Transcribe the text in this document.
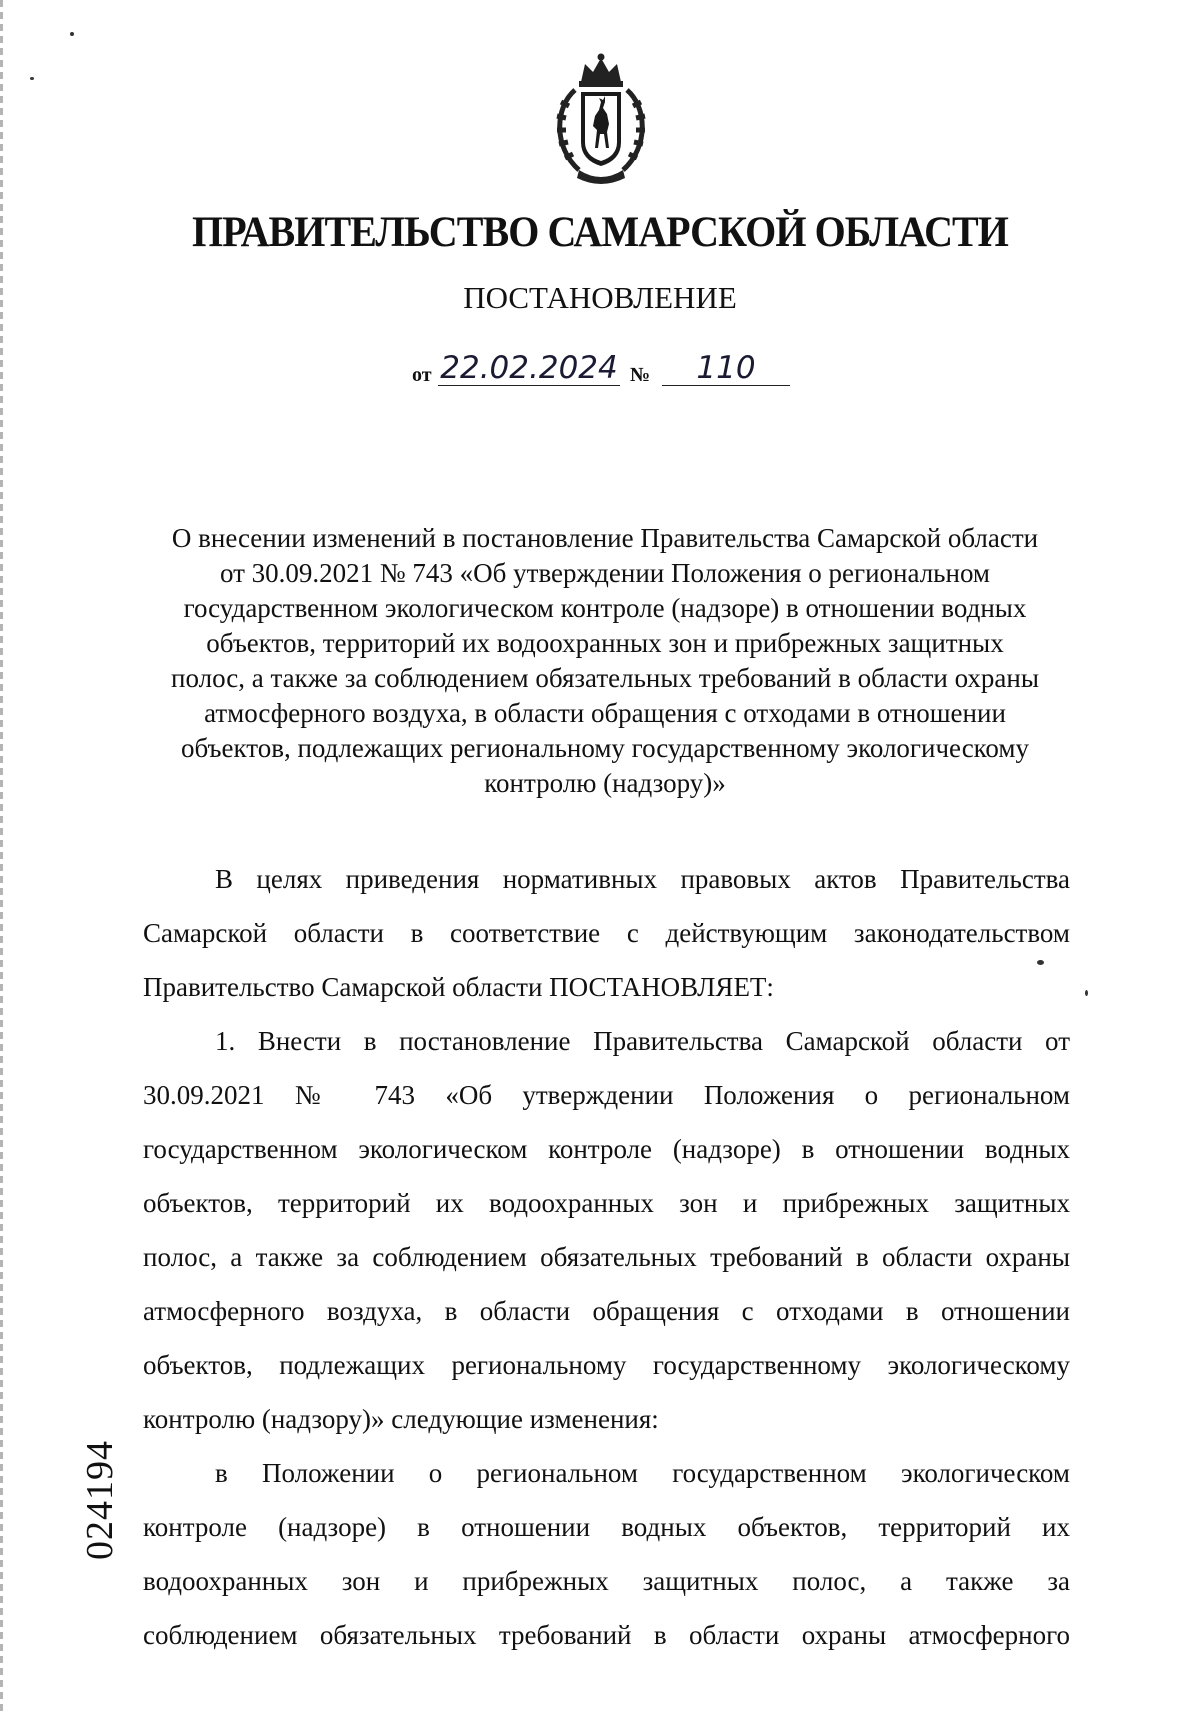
ПРАВИТЕЛЬСТВО САМАРСКОЙ ОБЛАСТИ
ПОСТАНОВЛЕНИЕ
от 22.02.2024 №	110
О внесении изменений в постановление Правительства Самарской области
от 30.09.2021 № 743 «Об утверждении Положения о региональном
государственном экологическом контроле (надзоре) в отношении водных
объектов, территорий их водоохранных зон и прибрежных защитных
полос, а также за соблюдением обязательных требований в области охраны
атмосферного воздуха, в области обращения с отходами в отношении
объектов, подлежащих региональному государственному экологическому
контролю (надзору)»
В целях приведения нормативных правовых актов Правительства
Самарской области в соответствие с действующим законодательством
Правительство Самарской области ПОСТАНОВЛЯЕТ:
1. Внести в постановление Правительства Самарской области от
30.09.2021 № 743 «Об утверждении Положения о региональном
государственном экологическом контроле (надзоре) в отношении водных
объектов, территорий их водоохранных зон и прибрежных защитных
полос, а также за соблюдением обязательных требований в области охраны
атмосферного воздуха, в области обращения с отходами в отношении
объектов, подлежащих региональному государственному экологическому
контролю (надзору)» следующие изменения:
в Положении о региональном государственном экологическом
контроле (надзоре) в отношении водных объектов, территорий их
водоохранных зон и прибрежных защитных полос, а также за
соблюдением обязательных требований в области охраны атмосферного
024194
